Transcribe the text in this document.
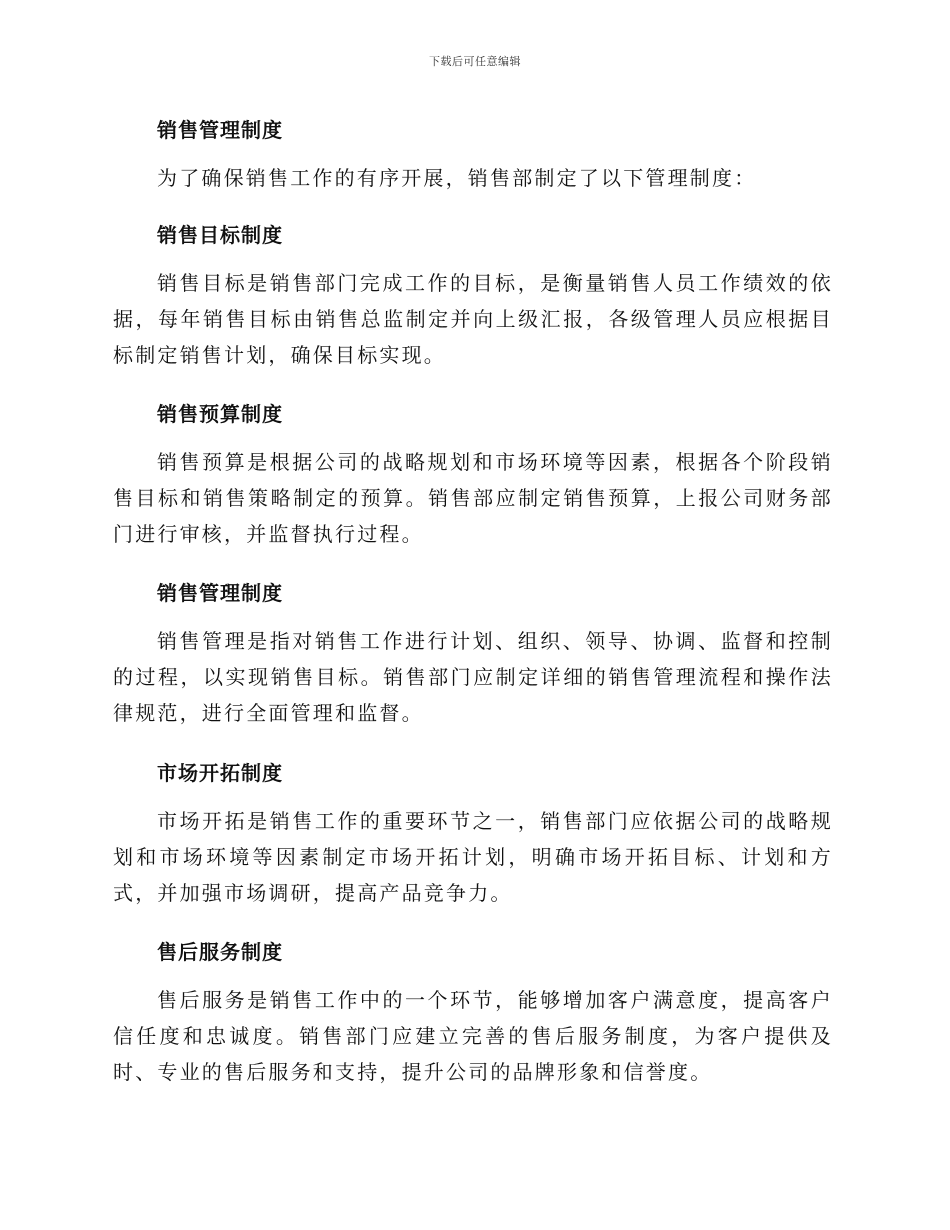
下载后可任意编辑
销售管理制度
为了确保销售工作的有序开展，销售部制定了以下管理制度：
销售目标制度
销售目标是销售部门完成工作的目标，是衡量销售人员工作绩效的依据，每年销售目标由销售总监制定并向上级汇报，各级管理人员应根据目标制定销售计划，确保目标实现。
销售预算制度
销售预算是根据公司的战略规划和市场环境等因素，根据各个阶段销售目标和销售策略制定的预算。销售部应制定销售预算，上报公司财务部门进行审核，并监督执行过程。
销售管理制度
销售管理是指对销售工作进行计划、组织、领导、协调、监督和控制的过程，以实现销售目标。销售部门应制定详细的销售管理流程和操作法律规范，进行全面管理和监督。
市场开拓制度
市场开拓是销售工作的重要环节之一，销售部门应依据公司的战略规划和市场环境等因素制定市场开拓计划，明确市场开拓目标、计划和方式，并加强市场调研，提高产品竞争力。
售后服务制度
售后服务是销售工作中的一个环节，能够增加客户满意度，提高客户信任度和忠诚度。销售部门应建立完善的售后服务制度，为客户提供及时、专业的售后服务和支持，提升公司的品牌形象和信誉度。
